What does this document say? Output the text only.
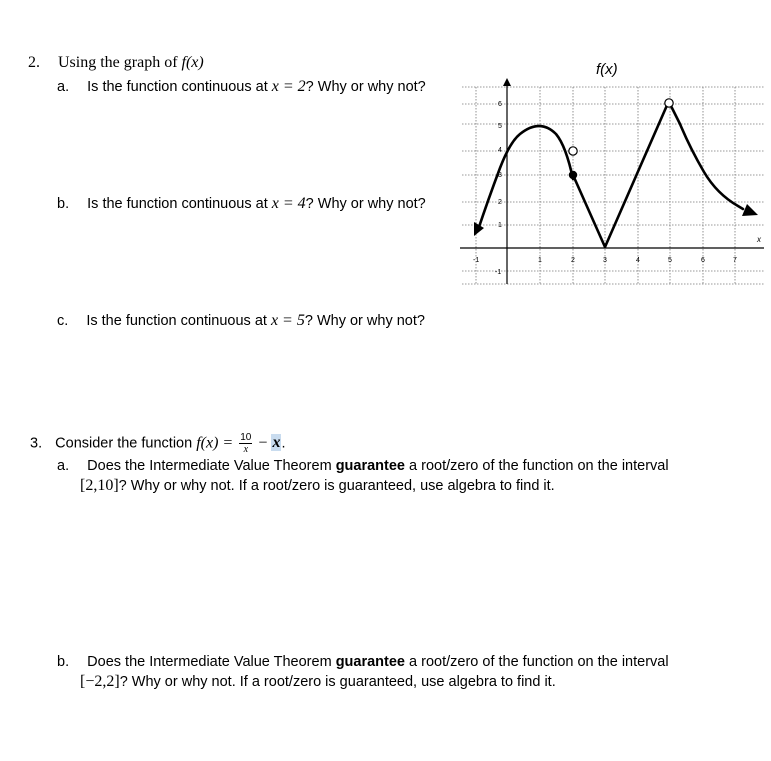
2. Using the graph of f(x)
a. Is the function continuous at x = 2? Why or why not?
b. Is the function continuous at x = 4? Why or why not?
c. Is the function continuous at x = 5? Why or why not?
6
5
4
3
2
1
-1
-1	1	2	3	4	5	6	7
x
f(x)
3. Consider the function $f(x) = \frac{10}{x} - x$.
a. Does the Intermediate Value Theorem guarantee a root/zero of the function on the interval
[2,10]? Why or why not. If a root/zero is guaranteed, use algebra to find it.
b. Does the Intermediate Value Theorem guarantee a root/zero of the function on the interval
[−2,2]? Why or why not. If a root/zero is guaranteed, use algebra to find it.
